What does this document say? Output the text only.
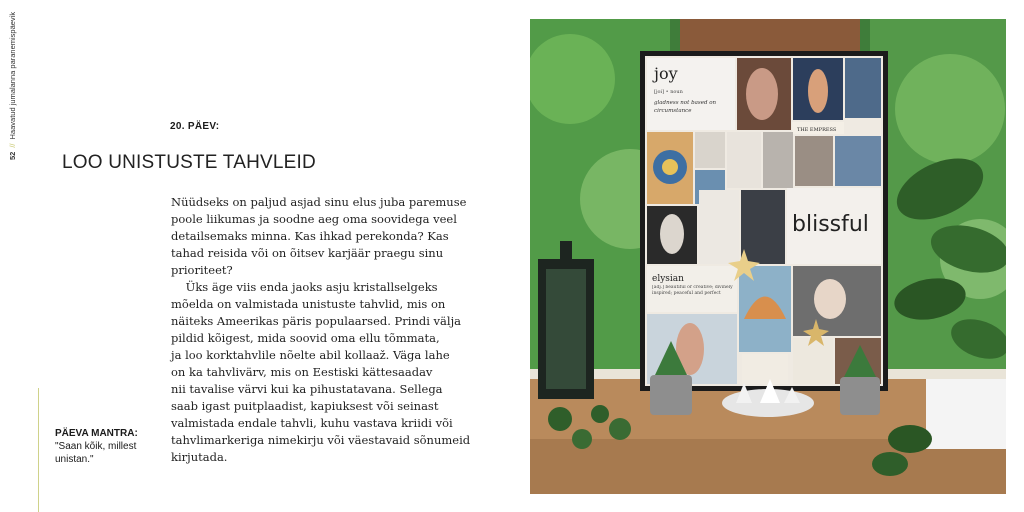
52
//
Haavatud jumalanna paranemispäevik	20. PÄEV:
LOO UNISTUSTE TAHVLEID
Nüüdseks on paljud asjad sinu elus juba paremuse
poole liikumas ja soodne aeg oma soovidega veel
detailsemaks minna. Kas ihkad perekonda? Kas
tahad reisida või on õitsev karjäär praegu sinu
prioriteet?
Üks äge viis enda jaoks asju kristallselgeks
mõelda on valmistada unistuste tahvlid, mis on
näiteks Ameerikas päris populaarsed. Prindi välja
pildid kõigest, mida soovid oma ellu tõmmata,
ja loo korktahvlile nõelte abil kollaaž. Väga lahe
on ka tahvlivärv, mis on Eestiski kättesaadav
nii tavalise värvi kui ka pihustatavana. Sellega
saab igast puitplaadist, kapiuksest või seinast
valmistada endale tahvli, kuhu vastava kriidi või
tahvlimarkeriga nimekirju või väestavaid sõnumeid
kirjutada.
PÄEVA MANTRA:
"Saan kõik, millest unistan."
joy
[joi] • noun
gladness not based on circumstance
THE EMPRESS
blissful
elysian
[adj.] beautiful or creative; divinely inspired; peaceful and perfect
